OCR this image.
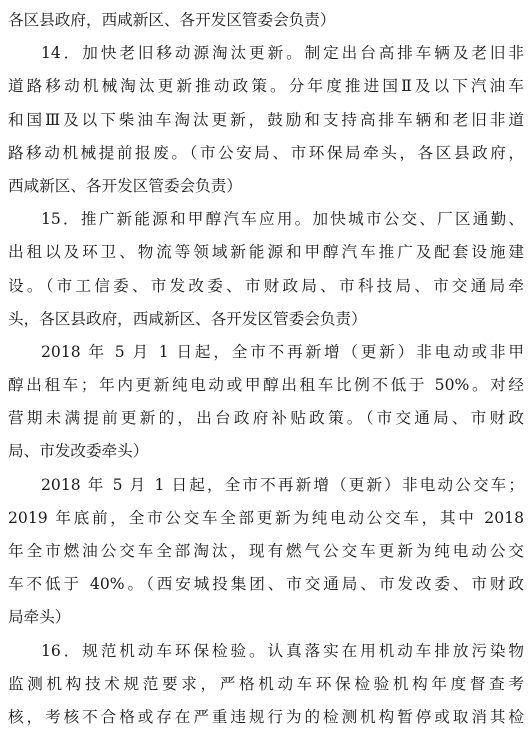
各区县政府，西咸新区、各开发区管委会负责）
14．加快老旧移动源淘汰更新。制定出台高排车辆及老旧非
道路移动机械淘汰更新推动政策。分年度推进国Ⅱ及以下汽油车
和国Ⅲ及以下柴油车淘汰更新，鼓励和支持高排车辆和老旧非道
路移动机械提前报废。（市公安局、市环保局牵头，各区县政府，
西咸新区、各开发区管委会负责）
15．推广新能源和甲醇汽车应用。加快城市公交、厂区通勤、
出租以及环卫、物流等领域新能源和甲醇汽车推广及配套设施建
设。（市工信委、市发改委、市财政局、市科技局、市交通局牵
头，各区县政府，西咸新区、各开发区管委会负责）
2018 年 5 月 1 日起，全市不再新增（更新）非电动或非甲
醇出租车；年内更新纯电动或甲醇出租车比例不低于 50%。对经
营期未满提前更新的，出台政府补贴政策。（市交通局、市财政
局、市发改委牵头）
2018 年 5 月 1 日起，全市不再新增（更新）非电动公交车；
2019 年底前，全市公交车全部更新为纯电动公交车，其中 2018
年全市燃油公交车全部淘汰，现有燃气公交车更新为纯电动公交
车不低于 40%。（西安城投集团、市交通局、市发改委、市财政
局牵头）
16．规范机动车环保检验。认真落实在用机动车排放污染物
监测机构技术规范要求，严格机动车环保检验机构年度督查考
核，考核不合格或存在严重违规行为的检测机构暂停或取消其检
